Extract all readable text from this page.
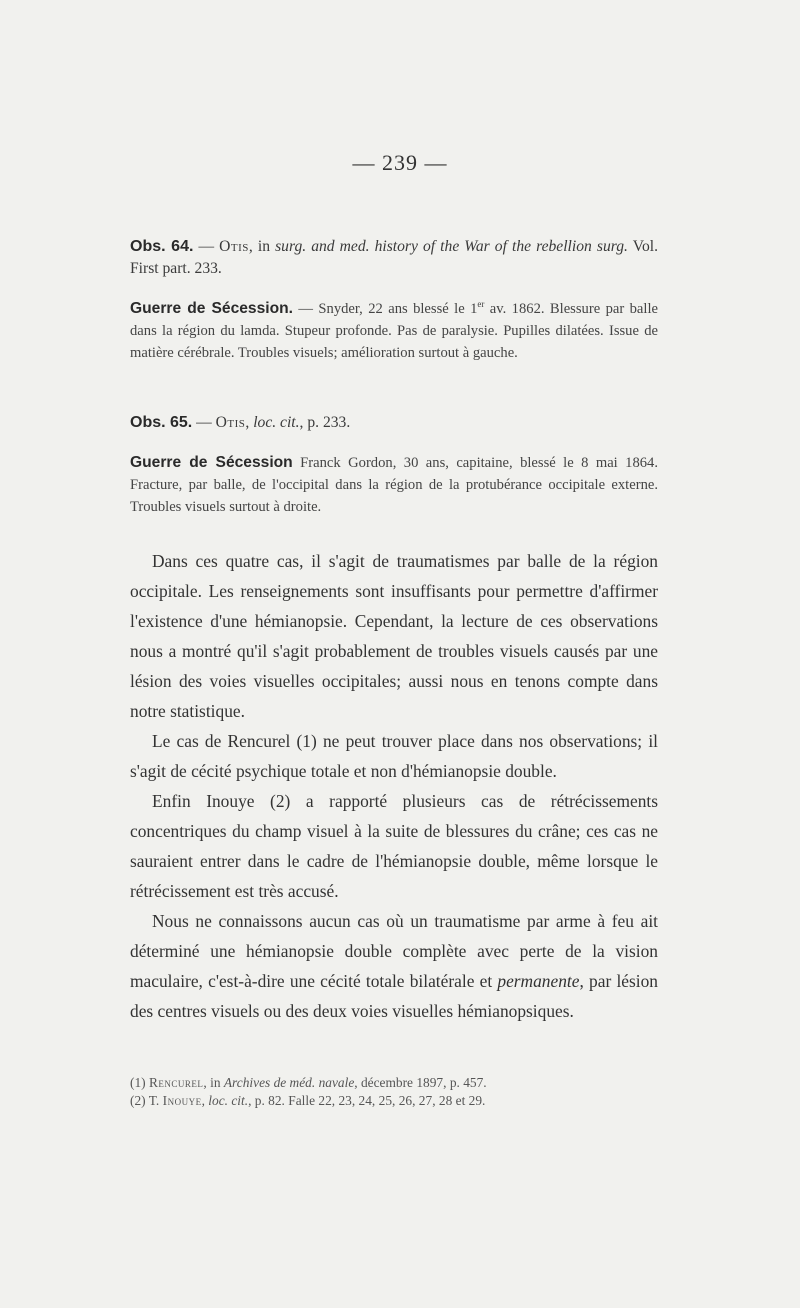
— 239 —
Obs. 64. — Otis, in surg. and med. history of the War of the rebellion surg. Vol. First part. 233.
Guerre de Sécession. — Snyder, 22 ans blessé le 1er av. 1862. Blessure par balle dans la région du lamda. Stupeur profonde. Pas de paralysie. Pupilles dilatées. Issue de matière cérébrale. Troubles visuels; amélioration surtout à gauche.
Obs. 65. — Otis, loc. cit., p. 233.
Guerre de Sécession Franck Gordon, 30 ans, capitaine, blessé le 8 mai 1864. Fracture, par balle, de l'occipital dans la région de la protubérance occipitale externe. Troubles visuels surtout à droite.

Dans ces quatre cas, il s'agit de traumatismes par balle de la région occipitale. Les renseignements sont insuffisants pour permettre d'affirmer l'existence d'une hémianopsie. Cependant, la lecture de ces observations nous a montré qu'il s'agit probablement de troubles visuels causés par une lésion des voies visuelles occipitales; aussi nous en tenons compte dans notre statistique.

Le cas de Rencurel (1) ne peut trouver place dans nos observations; il s'agit de cécité psychique totale et non d'hémianopsie double.

Enfin Inouye (2) a rapporté plusieurs cas de rétrécissements concentriques du champ visuel à la suite de blessures du crâne; ces cas ne sauraient entrer dans le cadre de l'hémianopsie double, même lorsque le rétrécissement est très accusé.

Nous ne connaissons aucun cas où un traumatisme par arme à feu ait déterminé une hémianopsie double complète avec perte de la vision maculaire, c'est-à-dire une cécité totale bilatérale et permanente, par lésion des centres visuels ou des deux voies visuelles hémianopsiques.

(1) Rencurel, in Archives de méd. navale, décembre 1897, p. 457.

(2) T. Inouye, loc. cit., p. 82. Falle 22, 23, 24, 25, 26, 27, 28 et 29.
